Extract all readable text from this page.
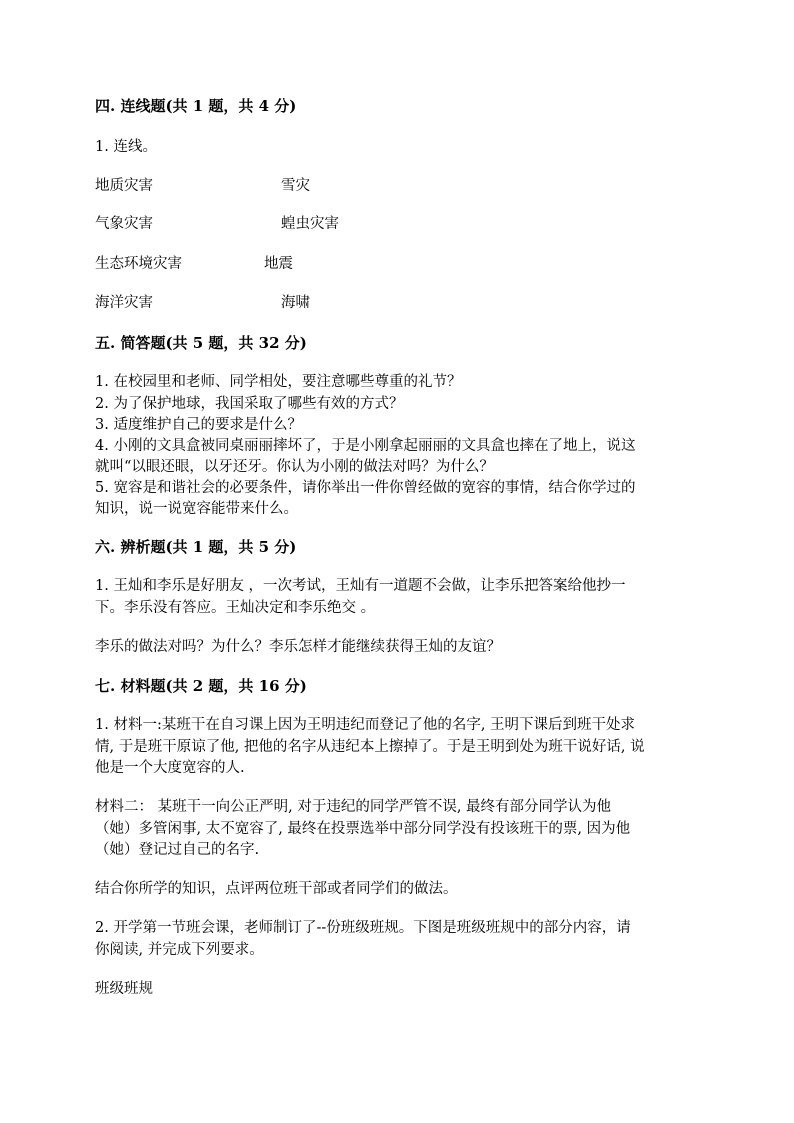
四. 连线题(共 1 题，共 4 分)
1. 连线。
地质灾害	雪灾
气象灾害	蝗虫灾害
生态环境灾害	地震
海洋灾害	海啸
五. 简答题(共 5 题，共 32 分)
1. 在校园里和老师、同学相处，要注意哪些尊重的礼节？
2. 为了保护地球，我国采取了哪些有效的方式？
3. 适度维护自己的要求是什么？
4. 小刚的文具盒被同桌丽丽摔坏了，于是小刚拿起丽丽的文具盒也摔在了地上，说这
就叫“以眼还眼，以牙还牙。你认为小刚的做法对吗？为什么？
5. 宽容是和谐社会的必要条件，请你举出一件你曾经做的宽容的事情，结合你学过的
知识，说一说宽容能带来什么。
六. 辨析题(共 1 题，共 5 分)
1. 王灿和李乐是好朋友 ，一次考试，王灿有一道题不会做，让李乐把答案给他抄一
下。李乐没有答应。王灿决定和李乐绝交 。
李乐的做法对吗？为什么？李乐怎样才能继续获得王灿的友谊？
七. 材料题(共 2 题，共 16 分)
1. 材料一:某班干在自习课上因为王明违纪而登记了他的名字, 王明下课后到班干处求
情, 于是班干原谅了他, 把他的名字从违纪本上擦掉了。于是王明到处为班干说好话, 说
他是一个大度宽容的人.
材料二： 某班干一向公正严明, 对于违纪的同学严管不误, 最终有部分同学认为他
（她）多管闲事, 太不宽容了, 最终在投票选举中部分同学没有投该班干的票, 因为他
（她）登记过自己的名字.
结合你所学的知识，点评两位班干部或者同学们的做法。
2. 开学第一节班会课，老师制订了--份班级班规。下图是班级班规中的部分内容，请
你阅读, 并完成下列要求。
班级班规
